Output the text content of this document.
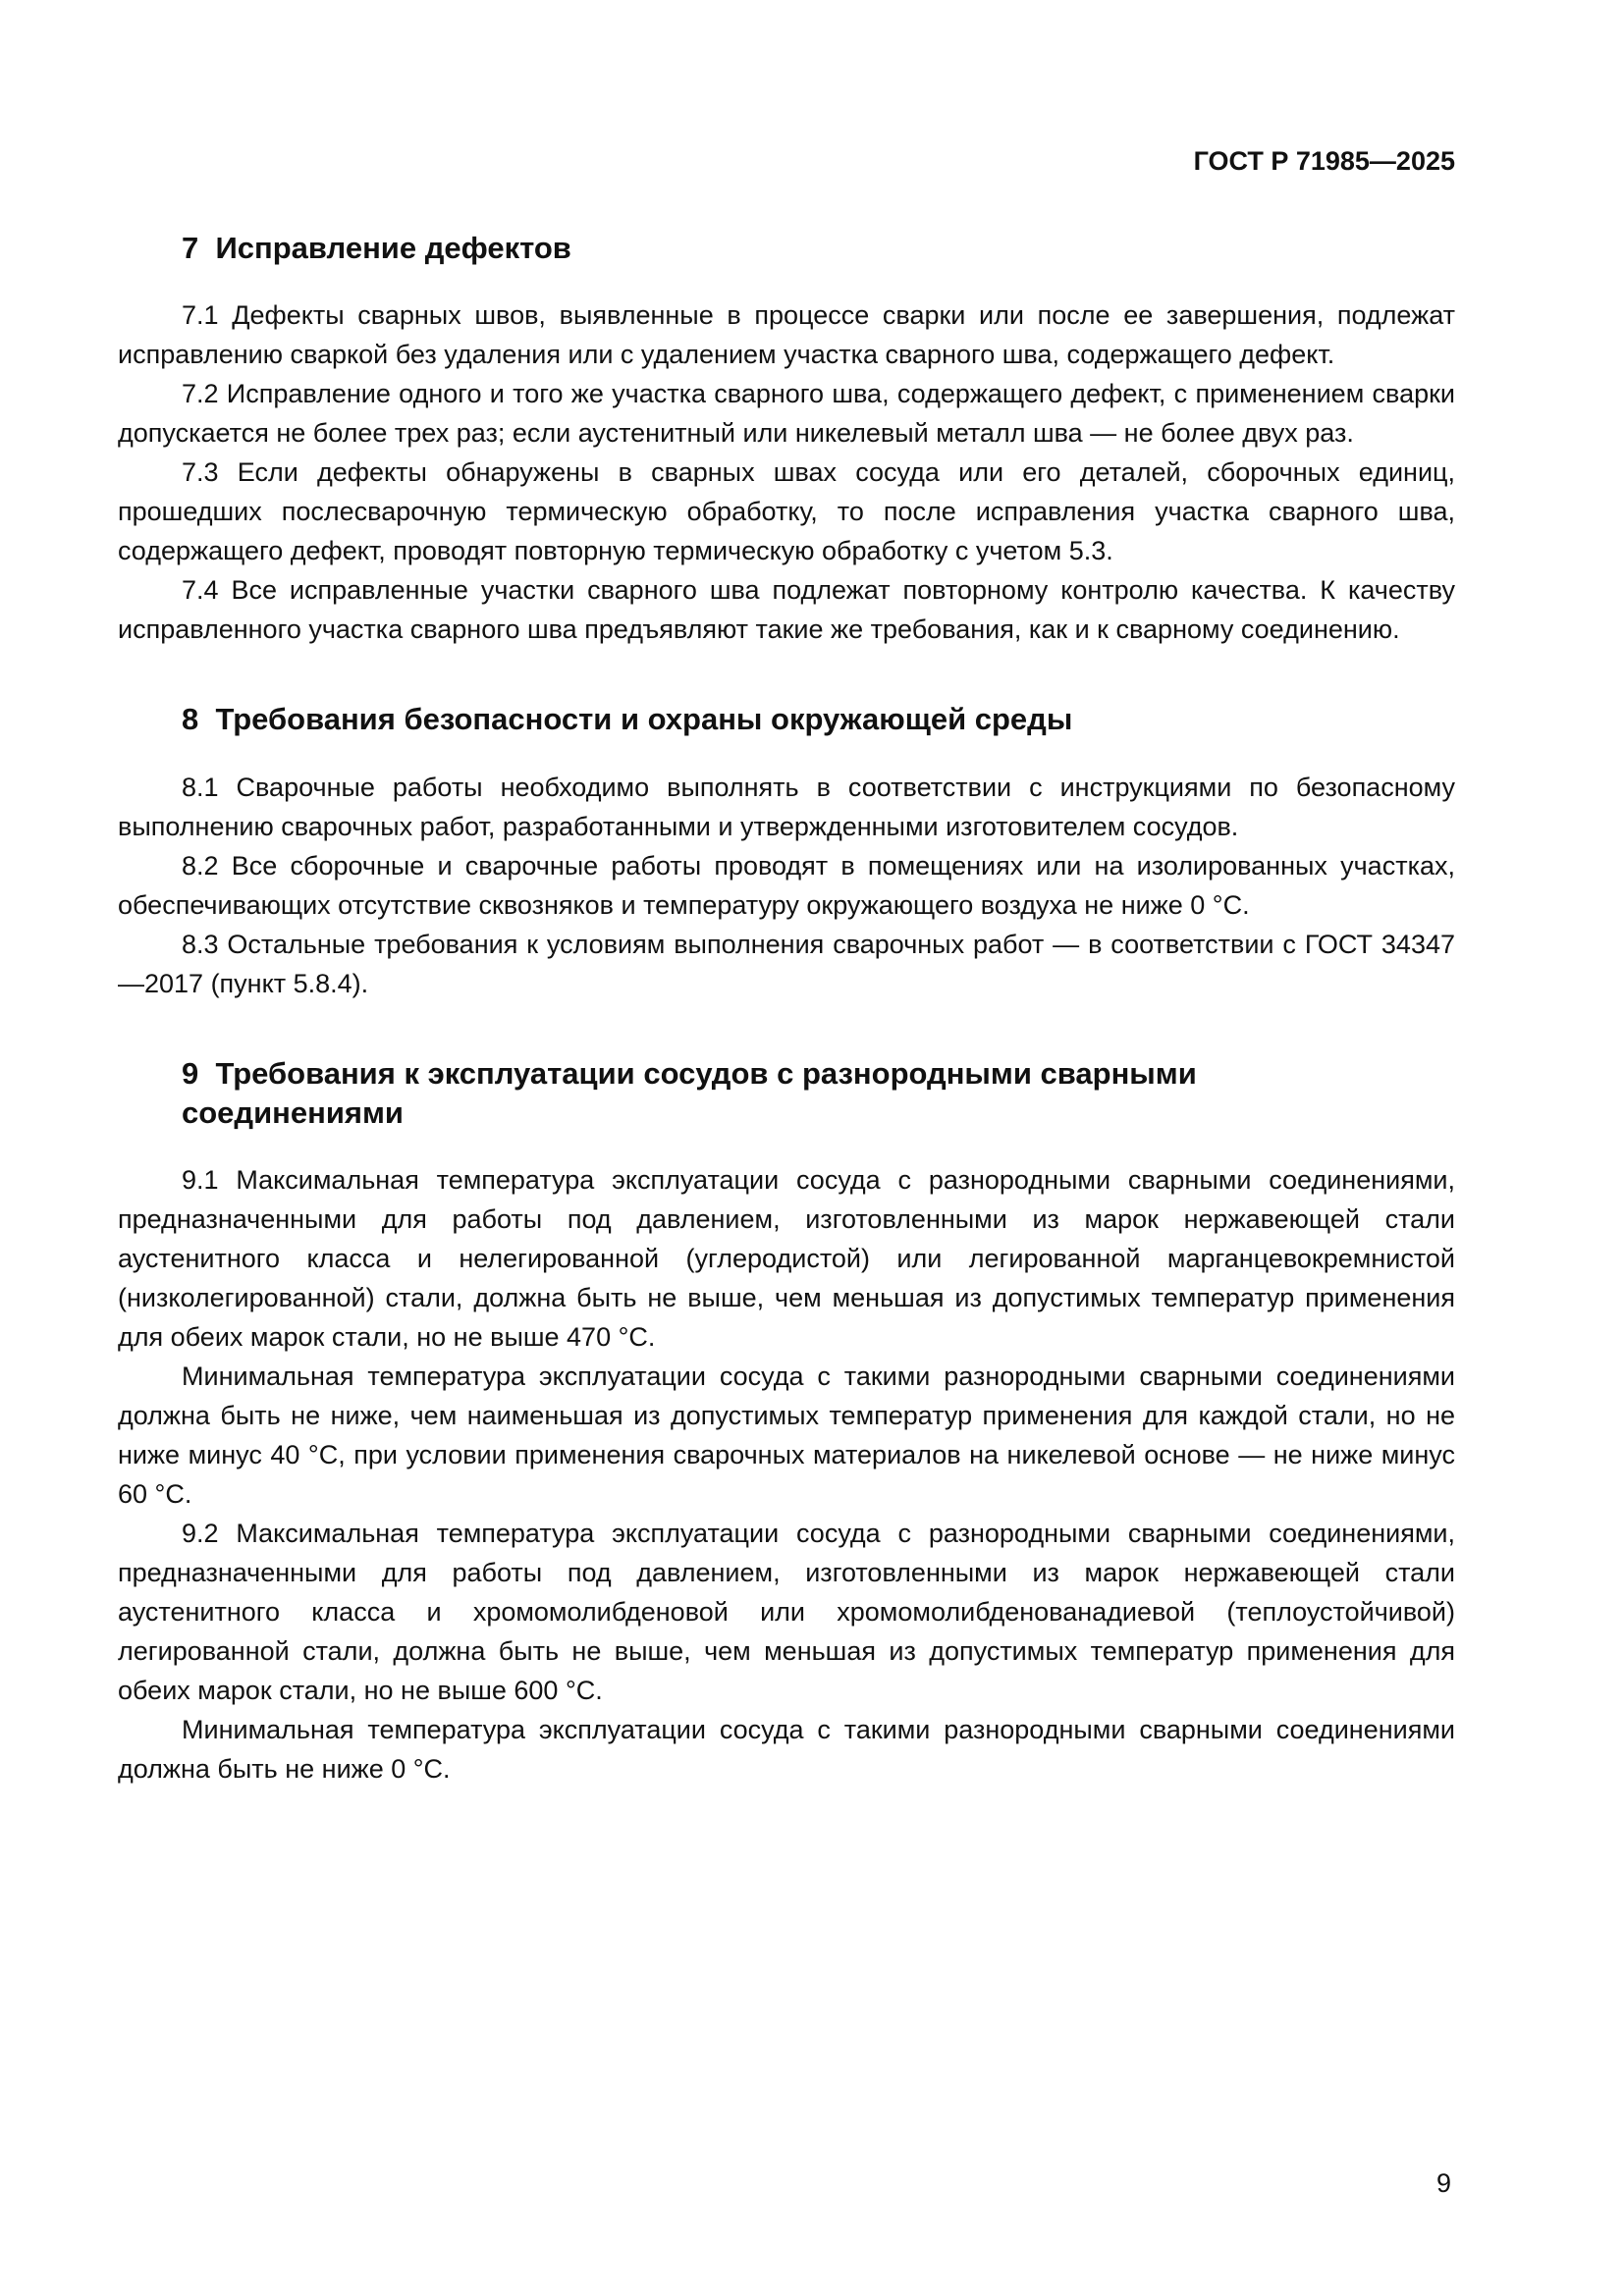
ГОСТ Р 71985—2025
7  Исправление дефектов

7.1 Дефекты сварных швов, выявленные в процессе сварки или после ее завершения, подлежат исправлению сваркой без удаления или с удалением участка сварного шва, содержащего дефект.

7.2 Исправление одного и того же участка сварного шва, содержащего дефект, с применением сварки допускается не более трех раз; если аустенитный или никелевый металл шва — не более двух раз.

7.3 Если дефекты обнаружены в сварных швах сосуда или его деталей, сборочных единиц, прошедших послесварочную термическую обработку, то после исправления участка сварного шва, содержащего дефект, проводят повторную термическую обработку с учетом 5.3.

7.4 Все исправленные участки сварного шва подлежат повторному контролю качества. К качеству исправленного участка сварного шва предъявляют такие же требования, как и к сварному соединению.

8  Требования безопасности и охраны окружающей среды

8.1 Сварочные работы необходимо выполнять в соответствии с инструкциями по безопасному выполнению сварочных работ, разработанными и утвержденными изготовителем сосудов.

8.2 Все сборочные и сварочные работы проводят в помещениях или на изолированных участках, обеспечивающих отсутствие сквозняков и температуру окружающего воздуха не ниже 0 °С.

8.3 Остальные требования к условиям выполнения сварочных работ — в соответствии с ГОСТ 34347—2017 (пункт 5.8.4).

9  Требования к эксплуатации сосудов с разнородными сварными
соединениями

9.1 Максимальная температура эксплуатации сосуда с разнородными сварными соединениями, предназначенными для работы под давлением, изготовленными из марок нержавеющей стали аустенитного класса и нелегированной (углеродистой) или легированной марганцевокремнистой (низколегированной) стали, должна быть не выше, чем меньшая из допустимых температур применения для обеих марок стали, но не выше 470 °С.

Минимальная температура эксплуатации сосуда с такими разнородными сварными соединениями должна быть не ниже, чем наименьшая из допустимых температур применения для каждой стали, но не ниже минус 40 °С, при условии применения сварочных материалов на никелевой основе — не ниже минус 60 °С.

9.2 Максимальная температура эксплуатации сосуда с разнородными сварными соединениями, предназначенными для работы под давлением, изготовленными из марок нержавеющей стали аустенитного класса и хромомолибденовой или хромомолибденованадиевой (теплоустойчивой) легированной стали, должна быть не выше, чем меньшая из допустимых температур применения для обеих марок стали, но не выше 600 °С.

Минимальная температура эксплуатации сосуда с такими разнородными сварными соединениями должна быть не ниже 0 °С.

9
